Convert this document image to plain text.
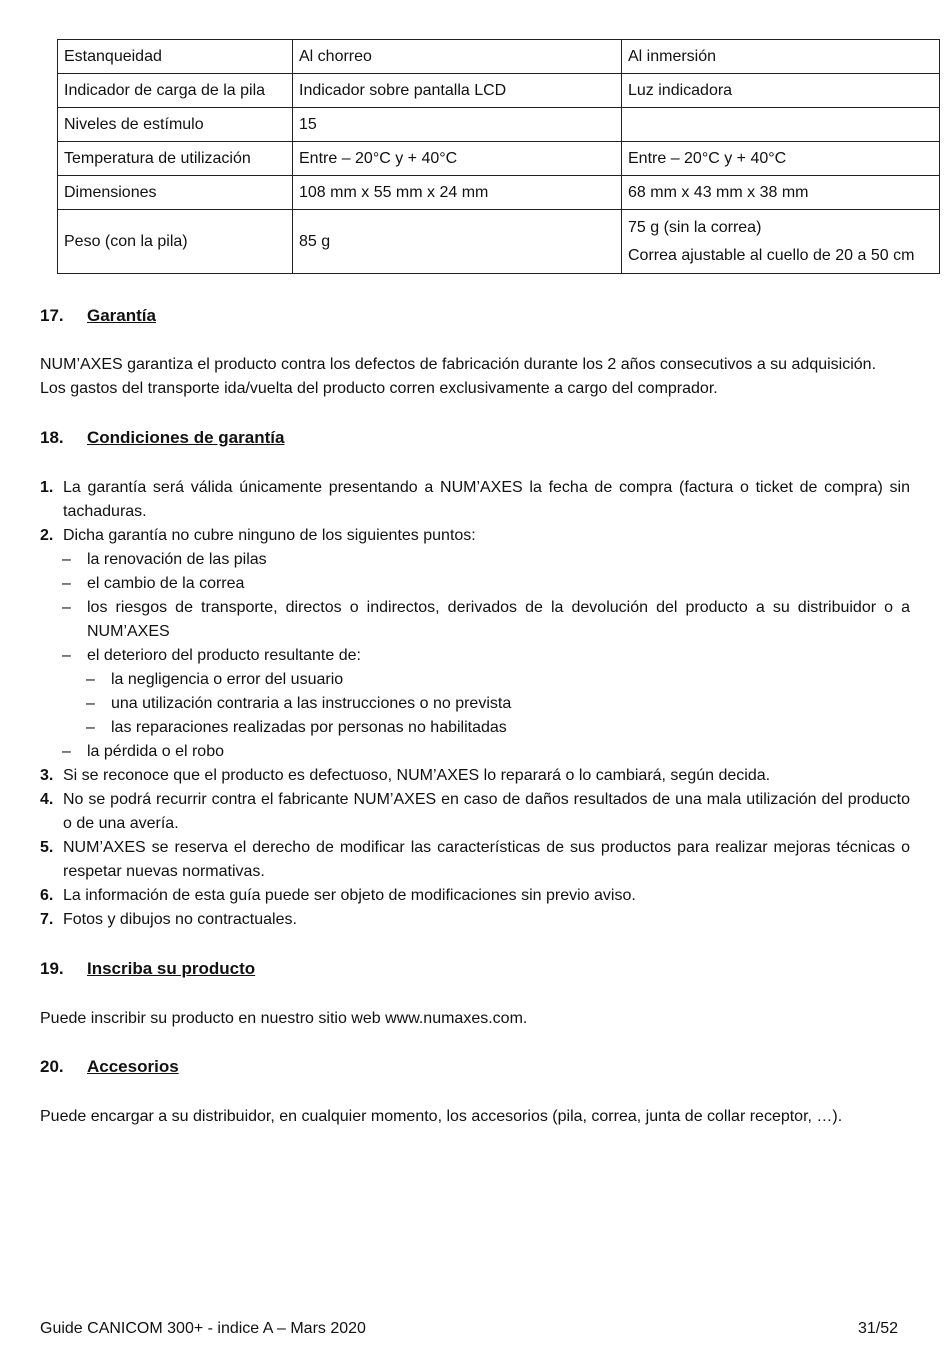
Estanqueidad	Al chorreo	Al inmersión
Indicador de carga de la pila	Indicador sobre pantalla LCD	Luz indicadora
Niveles de estímulo	15	
Temperatura de utilización	Entre – 20°C y + 40°C	Entre – 20°C y + 40°C
Dimensiones	108 mm x 55 mm x 24 mm	68 mm x 43 mm x 38 mm
Peso (con la pila)	85 g	75 g (sin la correa)
Correa ajustable al cuello de 20 a 50 cm
17. Garantía
NUM’AXES garantiza el producto contra los defectos de fabricación durante los 2 años consecutivos a su adquisición.
Los gastos del transporte ida/vuelta del producto corren exclusivamente a cargo del comprador.
18. Condiciones de garantía
1. La garantía será válida únicamente presentando a NUM’AXES la fecha de compra (factura o ticket de compra) sin tachaduras.
2. Dicha garantía no cubre ninguno de los siguientes puntos:
– la renovación de las pilas
– el cambio de la correa
– los riesgos de transporte, directos o indirectos, derivados de la devolución del producto a su distribuidor o a NUM’AXES
– el deterioro del producto resultante de:
– la negligencia o error del usuario
– una utilización contraria a las instrucciones o no prevista
– las reparaciones realizadas por personas no habilitadas
– la pérdida o el robo
3. Si se reconoce que el producto es defectuoso, NUM’AXES lo reparará o lo cambiará, según decida.
4. No se podrá recurrir contra el fabricante NUM’AXES en caso de daños resultados de una mala utilización del producto o de una avería.
5. NUM’AXES se reserva el derecho de modificar las características de sus productos para realizar mejoras técnicas o respetar nuevas normativas.
6. La información de esta guía puede ser objeto de modificaciones sin previo aviso.
7. Fotos y dibujos no contractuales.
19. Inscriba su producto
Puede inscribir su producto en nuestro sitio web www.numaxes.com.
20. Accesorios
Puede encargar a su distribuidor, en cualquier momento, los accesorios (pila, correa, junta de collar receptor, …).
Guide CANICOM 300+ - indice A – Mars 2020	31/52
